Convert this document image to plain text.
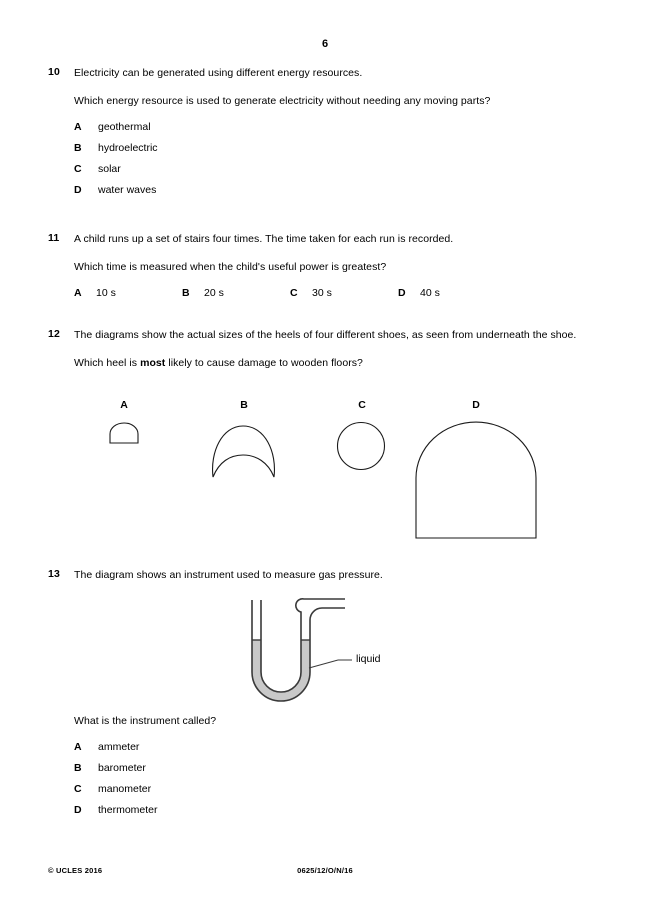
6
10	Electricity can be generated using different energy resources.
Which energy resource is used to generate electricity without needing any moving parts?
A	geothermal
B	hydroelectric
C	solar
D	water waves
11	A child runs up a set of stairs four times. The time taken for each run is recorded.
Which time is measured when the child's useful power is greatest?
A	10 s	B	20 s	C	30 s	D	40 s
12	The diagrams show the actual sizes of the heels of four different shoes, as seen from underneath the shoe.
Which heel is most likely to cause damage to wooden floors?
A	B	C	D
13	The diagram shows an instrument used to measure gas pressure.
liquid
What is the instrument called?
A	ammeter
B	barometer
C	manometer
D	thermometer
© UCLES 2016	0625/12/O/N/16
